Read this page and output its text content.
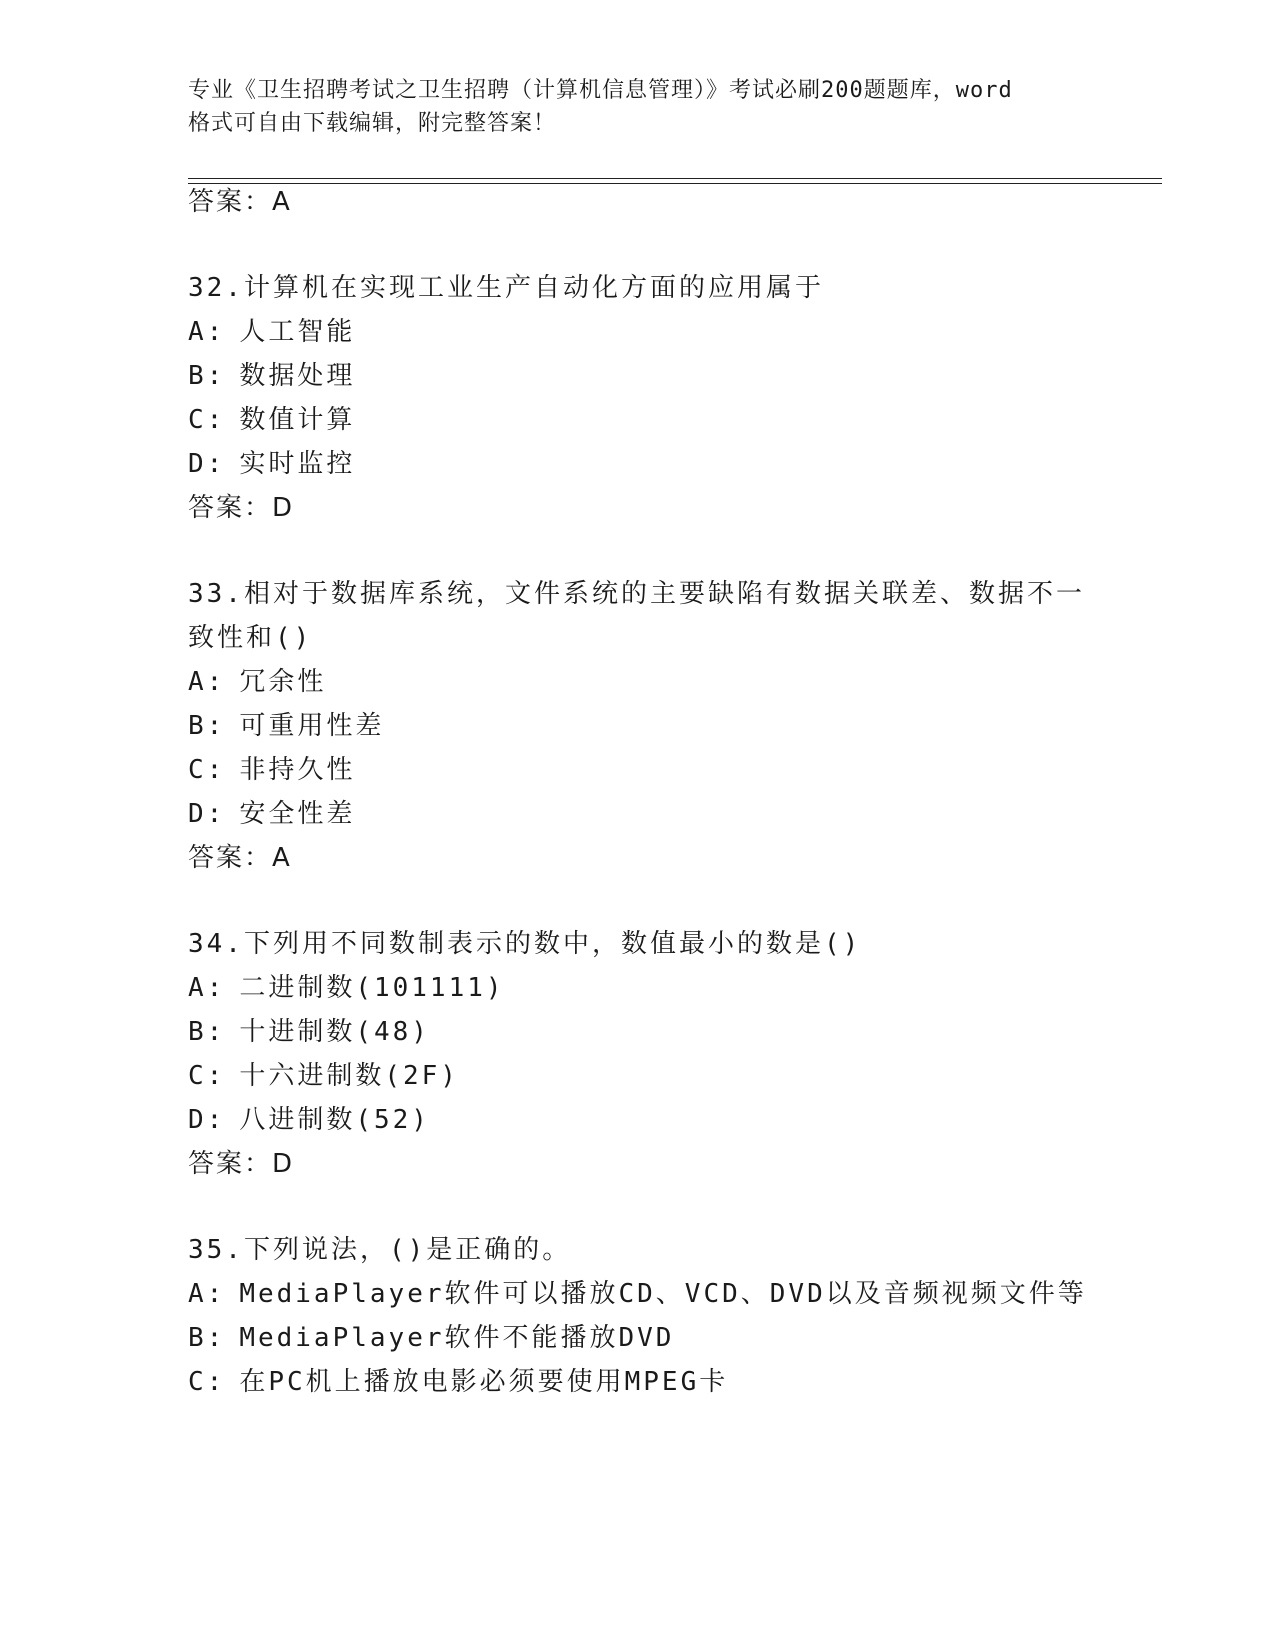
专业《卫生招聘考试之卫生招聘（计算机信息管理）》考试必刷200题题库，word
格式可自由下载编辑，附完整答案！
答案：A
32.计算机在实现工业生产自动化方面的应用属于
A: 人工智能
B: 数据处理
C: 数值计算
D: 实时监控
答案：D
33.相对于数据库系统，文件系统的主要缺陷有数据关联差、数据不一
致性和()
A: 冗余性
B: 可重用性差
C: 非持久性
D: 安全性差
答案：A
34.下列用不同数制表示的数中，数值最小的数是()
A: 二进制数(101111)
B: 十进制数(48)
C: 十六进制数(2F)
D: 八进制数(52)
答案：D
35.下列说法，()是正确的。
A: MediaPlayer软件可以播放CD、VCD、DVD以及音频视频文件等
B: MediaPlayer软件不能播放DVD
C: 在PC机上播放电影必须要使用MPEG卡
